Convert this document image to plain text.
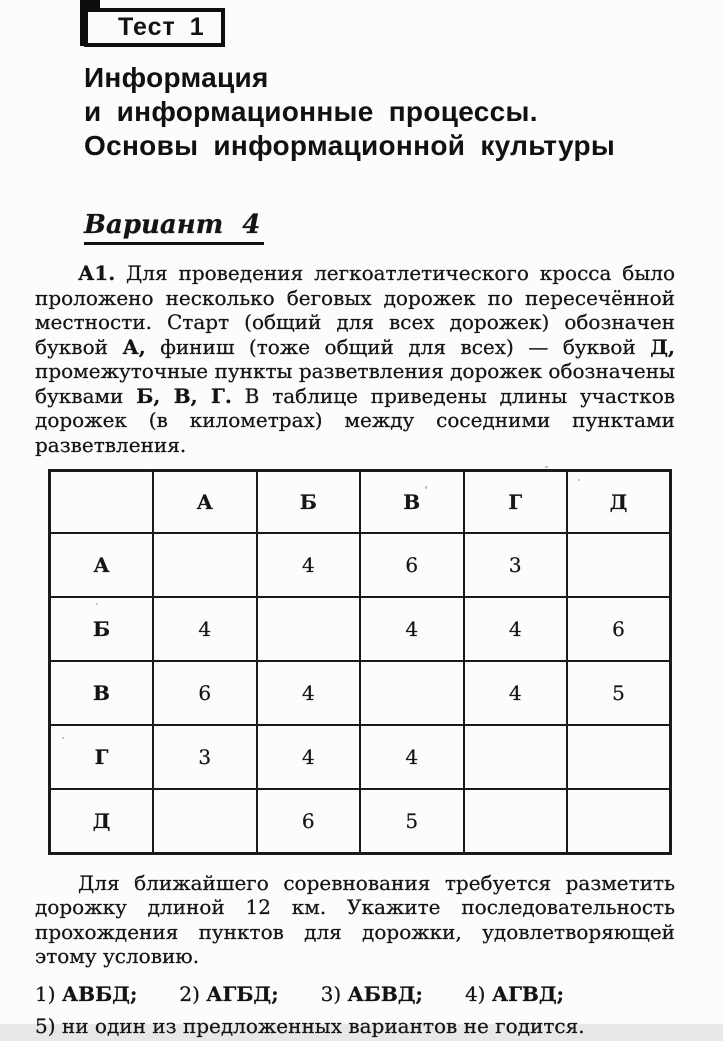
Тест 1
Информация
и информационные процессы.
Основы информационной культуры
Вариант 4

А1. Для проведения легкоатлетического кросса было проложено несколько беговых дорожек по пересечённой местности. Старт (общий для всех дорожек) обозначен буквой А, финиш (тоже общий для всех) — буквой Д, промежуточные пункты разветвления дорожек обозначены буквами Б, В, Г. В таблице приведены длины участков дорожек (в километрах) между соседними пунктами разветвления.

	А	Б	В	Г	Д
А		4	6	3	
Б	4		4	4	6
В	6	4		4	5
Г	3	4	4		
Д		6	5		

Для ближайшего соревнования требуется разметить дорожку длиной 12 км. Укажите последовательность прохождения пунктов для дорожки, удовлетворяющей этому условию.

1) АВБД; 2) АГБД; 3) АБВД; 4) АГВД;
5) ни один из предложенных вариантов не годится.
